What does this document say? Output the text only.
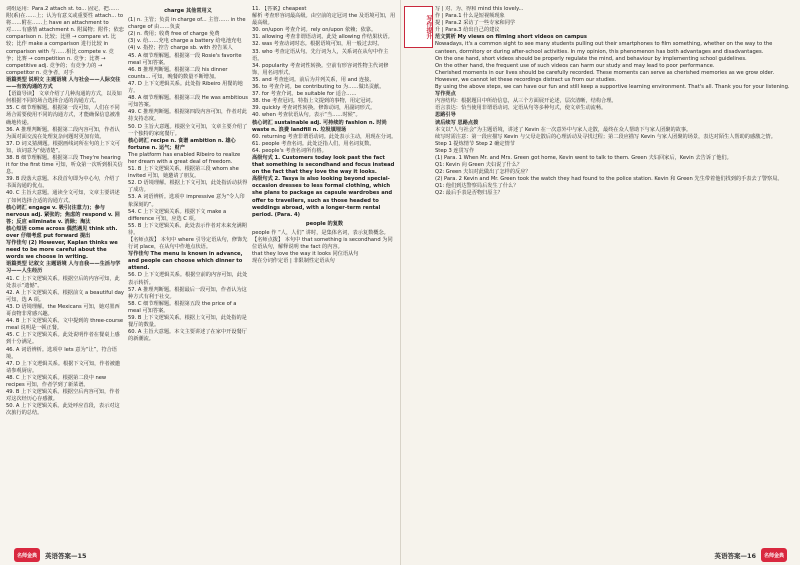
词组运用：Para.2 attach st. to... 固定，把……附(系)在……上；认为有意义或重要性 attach... to 将……附在……上 have an attachment to 对……有感情 attachment n. 附属物；附件；依恋

comparison n. 比较；比照 → compare vt. 比较；比作 make a comparison 进行比较 in comparison with 与……相比 compete v. 竞争；比赛 → competition n. 竞争；比赛 → competitive adj. 竞争的；有竞争力的 → competitor n. 竞争者，对手

语篇类型 说明文 主题语境 人与社会——人际交往——有效沟通的方式

【语篇导读】 文章介绍了几种沟通的方式，以及如何根据不同的场合选择合适的沟通方式。

35. C 细节理解题。根据第一段可知，人们在不同场合需要使用不同的沟通方式，才能确保信息被准确地传递。

36. A 推理判断题。根据第二段内容可知，作者认为面对面交流在处理复杂问题时更加有效。

37. D 词义猜测题。根据画线词所在句的上下文可知，该词意为“使清楚”。

38. B 细节理解题。根据第三段 They're hearing it for the first time 可知，听众第一次听到相关信息。

39. B 段落大意题。本段首句即为中心句，介绍了书面沟通的优点。

40. C 主旨大意题。通读全文可知，文章主要讲述了如何选择合适的沟通方式。

核心词汇 engage v. 吸引(注意力)；参与 nervous adj. 紧张的；焦虑的 respond v. 回答；反应 eliminate v. 消除；淘汰

核心短语 come across 偶然遇见 think sth. over 仔细考虑 put forward 提出

写作佳句 (2) However, Kaplan thinks we need to be more careful about the words we choose in writing.

语篇类型 记叙文 主题语境 人与自我——生活与学习——人生经历

41. C 上下文逻辑关系。根据空后的内容可知，此处表示“遗憾”。

42. A 上下文逻辑关系。根据前文 a beautiful day 可知，选 A 项。

43. D 语境理解。the Mexicans 可知，她对墨西哥食物非常感兴趣。

44. B 上下文逻辑关系。文中提到的 three-course meal 说明是一顿正餐。

45. C 上下文逻辑关系。此处说明作者在餐桌上感到十分满足。

46. A 词语辨析。选项中 lets 意为“让”，符合语境。

47. D 上下文逻辑关系。根据下文可知，作者被邀请参观厨房。

48. C 上下文逻辑关系。根据第二段中 new recipes 可知，作者学到了新菜谱。

49. B 上下文逻辑关系。根据空后内容可知，作者对这次经历心存感激。

50. A 上下文逻辑关系。此处呼应首段，表示对这次旅行的总结。

charge 其他常用义

(1) n. 主管；负责 in charge of... 主管…… in the charge of 由……负责

(2) n. 费用；收费 free of charge 免费

(3) v. 给……充电 charge a battery 给电池充电

(4) v. 指控；控告 charge sb. with 控告某人

45. A 细节理解题。根据第一段 Rosie's favorite meal 可知答案。

46. B 推理判断题。根据第二段 his dinner counts... 可知，晚餐的数量不断增加。

47. D 上下文逻辑关系。此处指 Ribeiro 用餐的地方。

48. A 细节理解题。根据第三段 He was ambitious 可知答案。

49. C 推理判断题。根据第四段内容可知，作者对此持支持态度。

50. D 主旨大意题。根据全文可知，文章主要介绍了一个独特的家庭餐厅。

核心词汇 recipe n. 食谱 ambition n. 雄心 fortune n. 运气；财产

The platform has enabled Ribeiro to realize her dream with a great deal of freedom.

51. B 上下文逻辑关系。根据第三段 whom she invited 可知，她邀请了朋友。

52. D 语境理解。根据上下文可知，此处指活动获得了成功。

53. A 词语辨析。选项中 impressive 意为“令人印象深刻的”。

54. C 上下文逻辑关系。根据下文 make a difference 可知，应选 C 项。

55. B 上下文逻辑关系。此处表示作者对未来充满期待。

【名师点拨】 本句中 where 引导定语从句，修饰先行词 place，在从句中作地点状语。

写作佳句 The menu is known in advance, and people can choose which dinner to attend.

56. D 上下文逻辑关系。根据空前的内容可知，此处表示转折。

57. A 推理判断题。根据最后一段可知，作者认为这种方式有利于社交。

58. C 细节理解题。根据第五段 the price of a meal 可知答案。

59. B 上下文逻辑关系。根据上文可知，此处指的是餐厅的数量。

60. A 主旨大意题。本文主要讲述了在家中开设餐厅的新潮流。

11. 【答案】cheapest

解析 考查形容词最高级。由空前的定冠词 the 及语境可知，用最高级。

30. on/upon 考查介词。rely on/upon 依赖；依靠。

31. allowing 考查非谓语动词。此处 allowing 作结果状语。

32. was 考查动词时态。根据语境可知，用一般过去时。

33. who 考查定语从句。先行词为人，关系词在从句中作主语。

34. popularity 考查词性转换。空前有形容词性物主代词修饰，用名词形式。

35. and 考查连词。前后为并列关系，用 and 连接。

36. to 考查介词。be contributing to 为……做出贡献。

37. for 考查介词。be suitable for 适合……

38. the 考查冠词。特指上文提到的事物，用定冠词。

39. quickly 考查词性转换。修饰动词，用副词形式。

40. when 考查状语从句。表示“当……时候”。

核心词汇 sustainable adj. 可持续的 fashion n. 时尚 waste n. 浪费 landfill n. 垃圾填埋场

60. returning 考查非谓语动词。此处表示主动，用现在分词。

61. people 考查名词。此处泛指人们，用名词复数。

64. people's 考查名词所有格。

高级句式 1. Customers today look past the fact that something is secondhand and focus instead on the fact that they love the way it looks.

高级句式 2. Tasya is also looking beyond special-occasion dresses to less formal clothing, which she plans to package as capsule wardrobes and offer to travellers, such as those headed to weddings abroad, with a longer-term rental period. (Para. 4)

people 的复数

people 作 “人，人们” 讲时，是集体名词，表示复数概念。

【名师点拨】 本句中 that something is secondhand 为同位语从句，解释说明 the fact 的内容。

that they love the way it looks 同位语从句

现在分词作定语 | 非限制性定语从句

名师金典	英语答案—15
写作提升

写 | 对、为、得和 mind this lovely...

作 | Para.1 什么是短视频现象

提 | Para.2 采访了一些专家和同学

升 | Para.3 给出自己的建议

范文赏析 My views on filming short videos on campus

Nowadays, it's a common sight to see many students pulling out their smartphones to film something, whether on the way to the canteen, dormitory or during after-school activities. In my opinion, this phenomenon has both advantages and disadvantages.

On the one hand, short videos should be properly regulate the mind, and behaviour by implementing school guidelines.

On the other hand, the frequent use of such videos can harm our study and may lead to poor performance.

Cherished moments in our lives should be carefully recorded. These moments can serve as cherished memories as we grow older. However, we cannot let these recordings distract us from our studies.

By using the above steps, we can have our fun and still keep a supportive learning environment. That's all. Thank you for your listening.

写作亮点

内容结构：根据题目中所给信息，从三个方面展开论述，层次清晰，结构合理。

语言表达：恰当使用非谓语动词、定语从句等多种句式，使文章生动流畅。

思路引导

读后续写 思路点拨

本文以“人与社会”为主题语境，讲述了 Kevin 在一次意外中与家人走散，最终在众人帮助下与家人团聚的故事。

续写时需注意：第一段应描写 Kevin 与父母走散后的心理活动及寻找过程；第二段应描写 Kevin 与家人团聚的场景，表达对陌生人帮助的感激之情。

Step 1 提炼情节 Step 2 确定情节

Step 3 连贯写作

(1) Para. 1 When Mr. and Mrs. Green got home, Kevin went to talk to them. Green 夫妇回家后，Kevin 去告诉了他们。

Q1: Kevin 向 Green 夫妇说了什么？

Q2: Green 夫妇对此做出了怎样的反应？

(2) Para. 2 Kevin and Mr. Green took the watch they had found to the police station. Kevin 和 Green 先生带着他们找到的手表去了警察局。

Q1: 他们到达警察局后发生了什么？

Q2: 最后手表是否物归原主？

英语答案—16	名师金典
